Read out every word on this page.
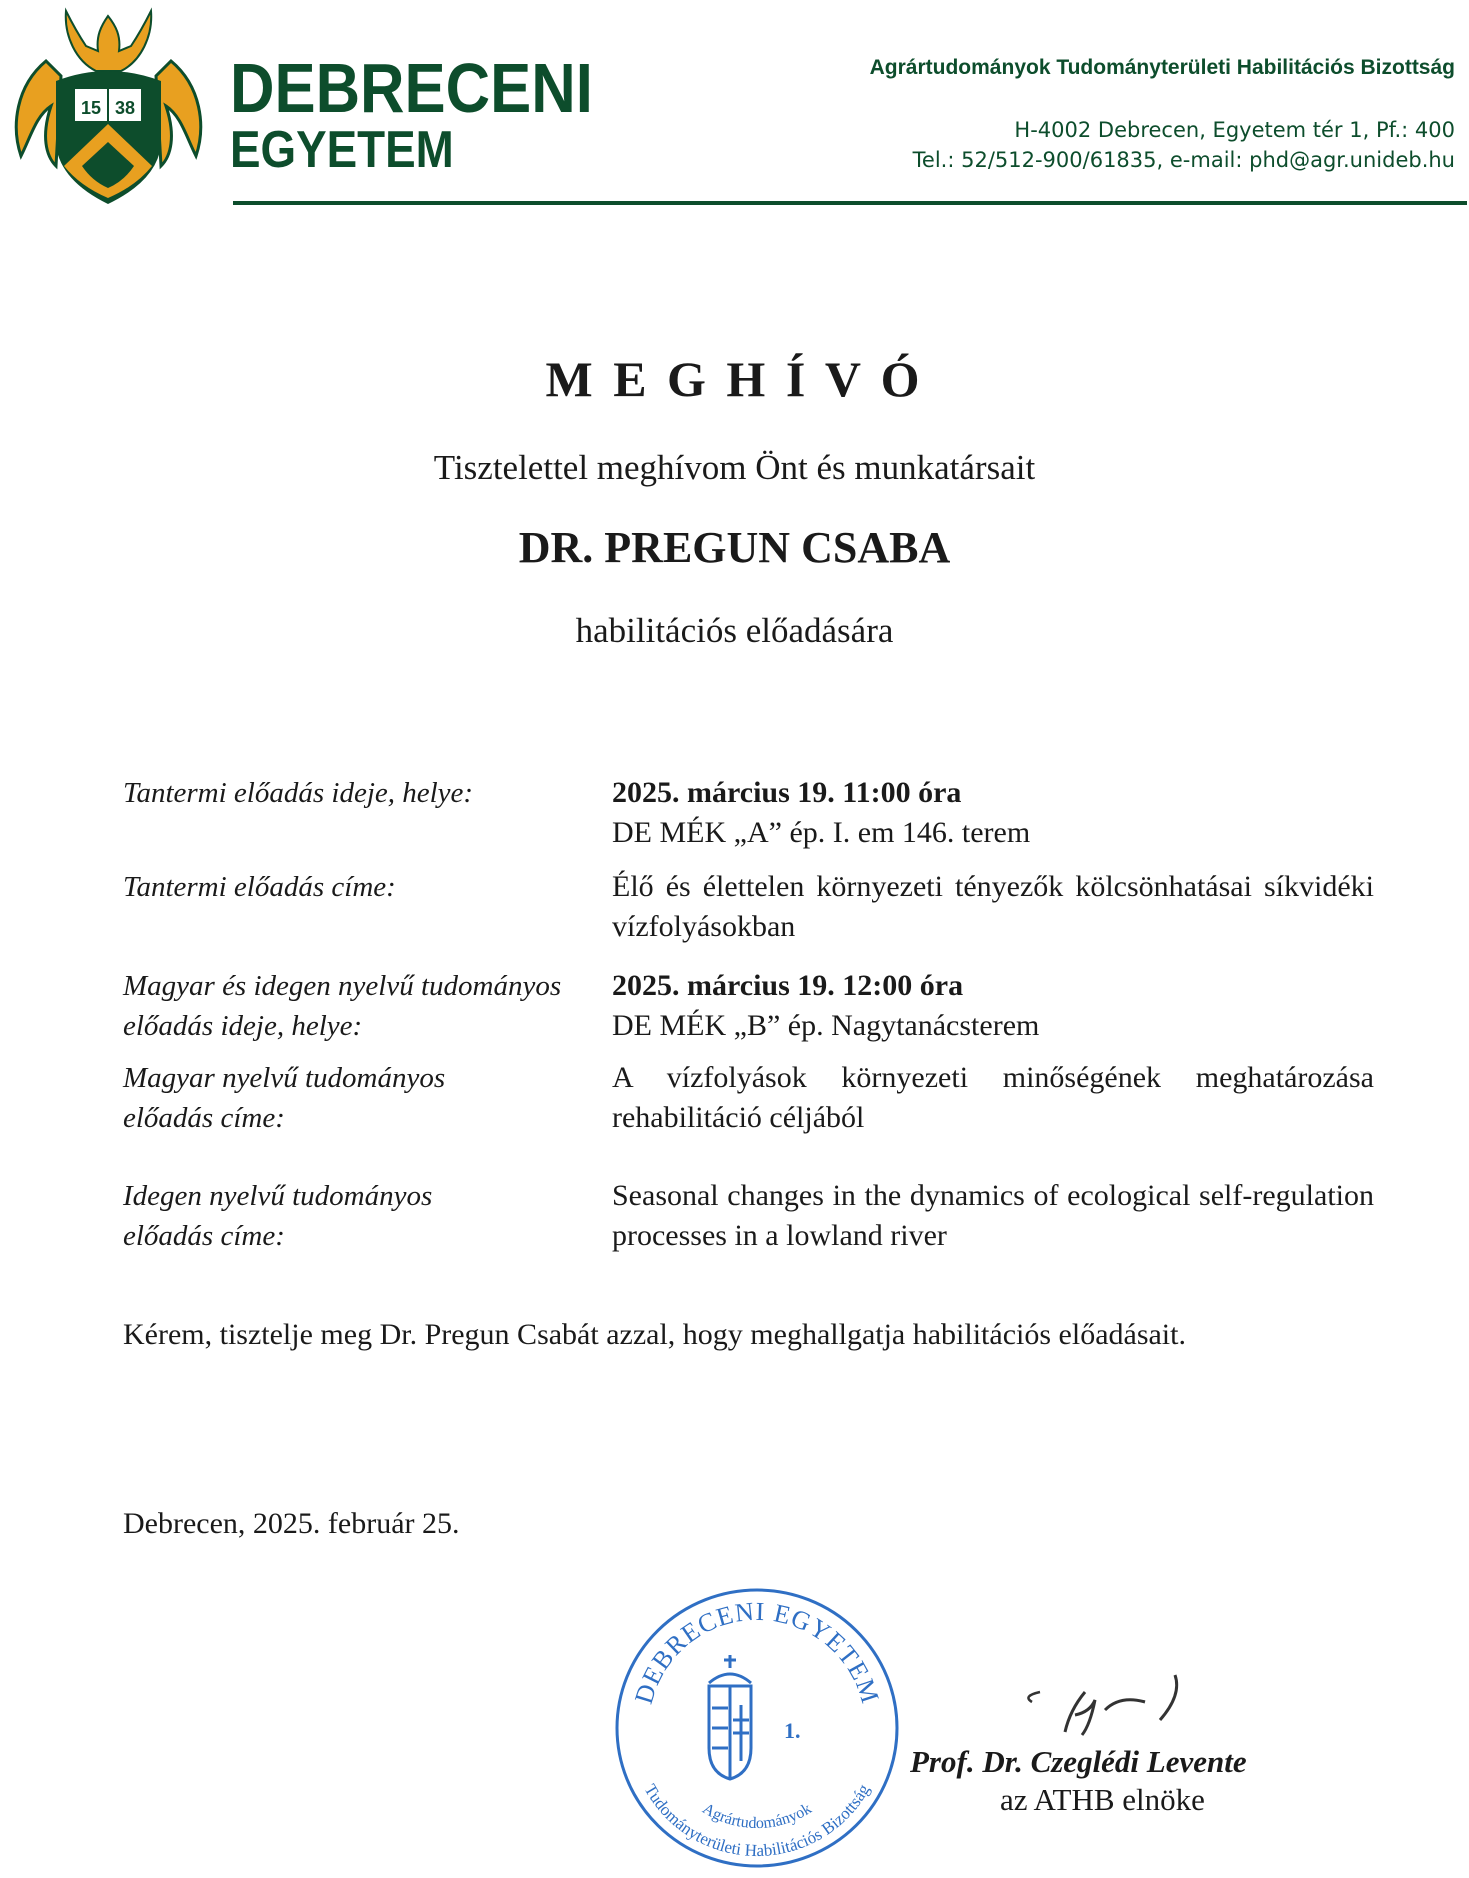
15 38 DEBRECENI
EGYETEM
Agrártudományok Tudományterületi Habilitációs Bizottság
H-4002 Debrecen, Egyetem tér 1, Pf.: 400
Tel.: 52/512-900/61835, e-mail: phd@agr.unideb.hu
M E G H Í V Ó
Tisztelettel meghívom Önt és munkatársait
DR. PREGUN CSABA
habilitációs előadására
Tantermi előadás ideje, helye:	2025. március 19. 11:00 óra
DE MÉK „A” ép. I. em 146. terem
Tantermi előadás címe:	Élő és élettelen környezeti tényezők kölcsönhatásai síkvidéki vízfolyásokban
Magyar és idegen nyelvű tudományos előadás ideje, helye:
2025. március 19. 12:00 óra
DE MÉK „B” ép. Nagytanácsterem
Magyar nyelvű tudományos előadás címe:
A vízfolyások környezeti minőségének meghatározása rehabilitáció céljából
Idegen nyelvű tudományos előadás címe:
Seasonal changes in the dynamics of ecological self-regulation processes in a lowland river
Kérem, tisztelje meg Dr. Pregun Csabát azzal, hogy meghallgatja habilitációs előadásait.
Debrecen, 2025. február 25.
DEBRECENI EGYETEM
Tudományterületi Habilitációs Bizottság
Agrártudományok
1.
Prof. Dr. Czeglédi Levente
az ATHB elnöke
